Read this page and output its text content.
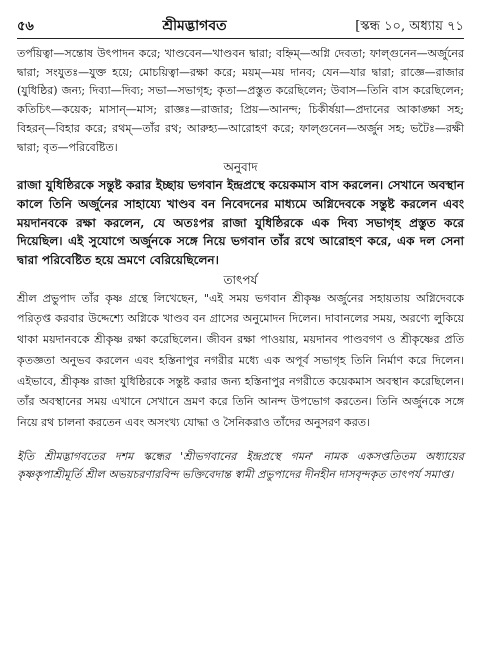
৫৬	শ্রীমদ্ভাগবত	[স্কন্ধ ১০, অধ্যায় ৭১

তর্পয়িত্বা—সন্তোষ উৎপাদন করে; খাণ্ডবেন—খাণ্ডবন দ্বারা; বহ্নিম্—অগ্নি দেবতা; ফাল্গুনেন—অর্জুনের দ্বারা; সংযুতঃ—যুক্ত হয়ে; মোচয়িত্বা—রক্ষা করে; ময়ম্—ময় দানব; যেন—যার দ্বারা; রাজ্ঞে—রাজার (যুধিষ্ঠির) জন্য; দিব্যা—দিব্য; সভা—সভাগৃহ; কৃতা—প্রস্তুত করেছিলেন; উবাস—তিনি বাস করেছিলেন; কতিচিৎ—কয়েক; মাসান্—মাস; রাজ্ঞঃ—রাজার; প্রিয়—আনন্দ; চিকীর্ষয়া—প্রদানের আকাঙ্ক্ষা সহ; বিহরন্—বিহার করে; রথম্—তাঁর রথ; আরুহ্য—আরোহণ করে; ফাল্গুনেন—অর্জুন সহ; ভটৈঃ—রক্ষী দ্বারা; বৃত—পরিবেষ্টিত।

অনুবাদ

রাজা যুধিষ্ঠিরকে সন্তুষ্ট করার ইচ্ছায় ভগবান ইন্দ্রপ্রস্থে কয়েকমাস বাস করলেন। সেখানে অবস্থান কালে তিনি অর্জুনের সাহায্যে খাণ্ডব বন নিবেদনের মাধ্যমে অগ্নিদেবকে সন্তুষ্ট করলেন এবং ময়দানবকে রক্ষা করলেন, যে অতঃপর রাজা যুধিষ্ঠিরকে এক দিব্য সভাগৃহ প্রস্তুত করে দিয়েছিল। এই সুযোগে অর্জুনকে সঙ্গে নিয়ে ভগবান তাঁর রথে আরোহণ করে, এক দল সেনা দ্বারা পরিবেষ্টিত হয়ে ভ্রমণে বেরিয়েছিলেন।

তাৎপর্য

শ্রীল প্রভুপাদ তাঁর কৃষ্ণ গ্রন্থে লিখেছেন, "এই সময় ভগবান শ্রীকৃষ্ণ অর্জুনের সহায়তায় অগ্নিদেবকে পরিতৃপ্ত করবার উদ্দেশ্যে অগ্নিকে খাণ্ডব বন গ্রাসের অনুমোদন দিলেন। দাবানলের সময়, অরণ্যে লুকিয়ে থাকা ময়দানবকে শ্রীকৃষ্ণ রক্ষা করেছিলেন। জীবন রক্ষা পাওয়ায়, ময়দানব পাণ্ডবগণ ও শ্রীকৃষ্ণের প্রতি কৃতজ্ঞতা অনুভব করলেন এবং হস্তিনাপুর নগরীর মধ্যে এক অপূর্ব সভাগৃহ তিনি নির্মাণ করে দিলেন। এইভাবে, শ্রীকৃষ্ণ রাজা যুধিষ্ঠিরকে সন্তুষ্ট করার জন্য হস্তিনাপুর নগরীতে কয়েকমাস অবস্থান করেছিলেন। তাঁর অবস্থানের সময় এখানে সেখানে ভ্রমণ করে তিনি আনন্দ উপভোগ করতেন। তিনি অর্জুনকে সঙ্গে নিয়ে রথ চালনা করতেন এবং অসংখ্য যোদ্ধা ও সৈনিকরাও তাঁদের অনুসরণ করত।

ইতি শ্রীমদ্ভাগবতের দশম স্কন্ধের 'শ্রীভগবানের ইন্দ্রপ্রস্থে গমন' নামক একসপ্ততিতম অধ্যায়ের কৃষ্ণকৃপাশ্রীমূর্তি শ্রীল অভয়চরণারবিন্দ ভক্তিবেদান্ত স্বামী প্রভুপাদের দীনহীন দাসবৃন্দকৃত তাৎপর্য সমাপ্ত।
